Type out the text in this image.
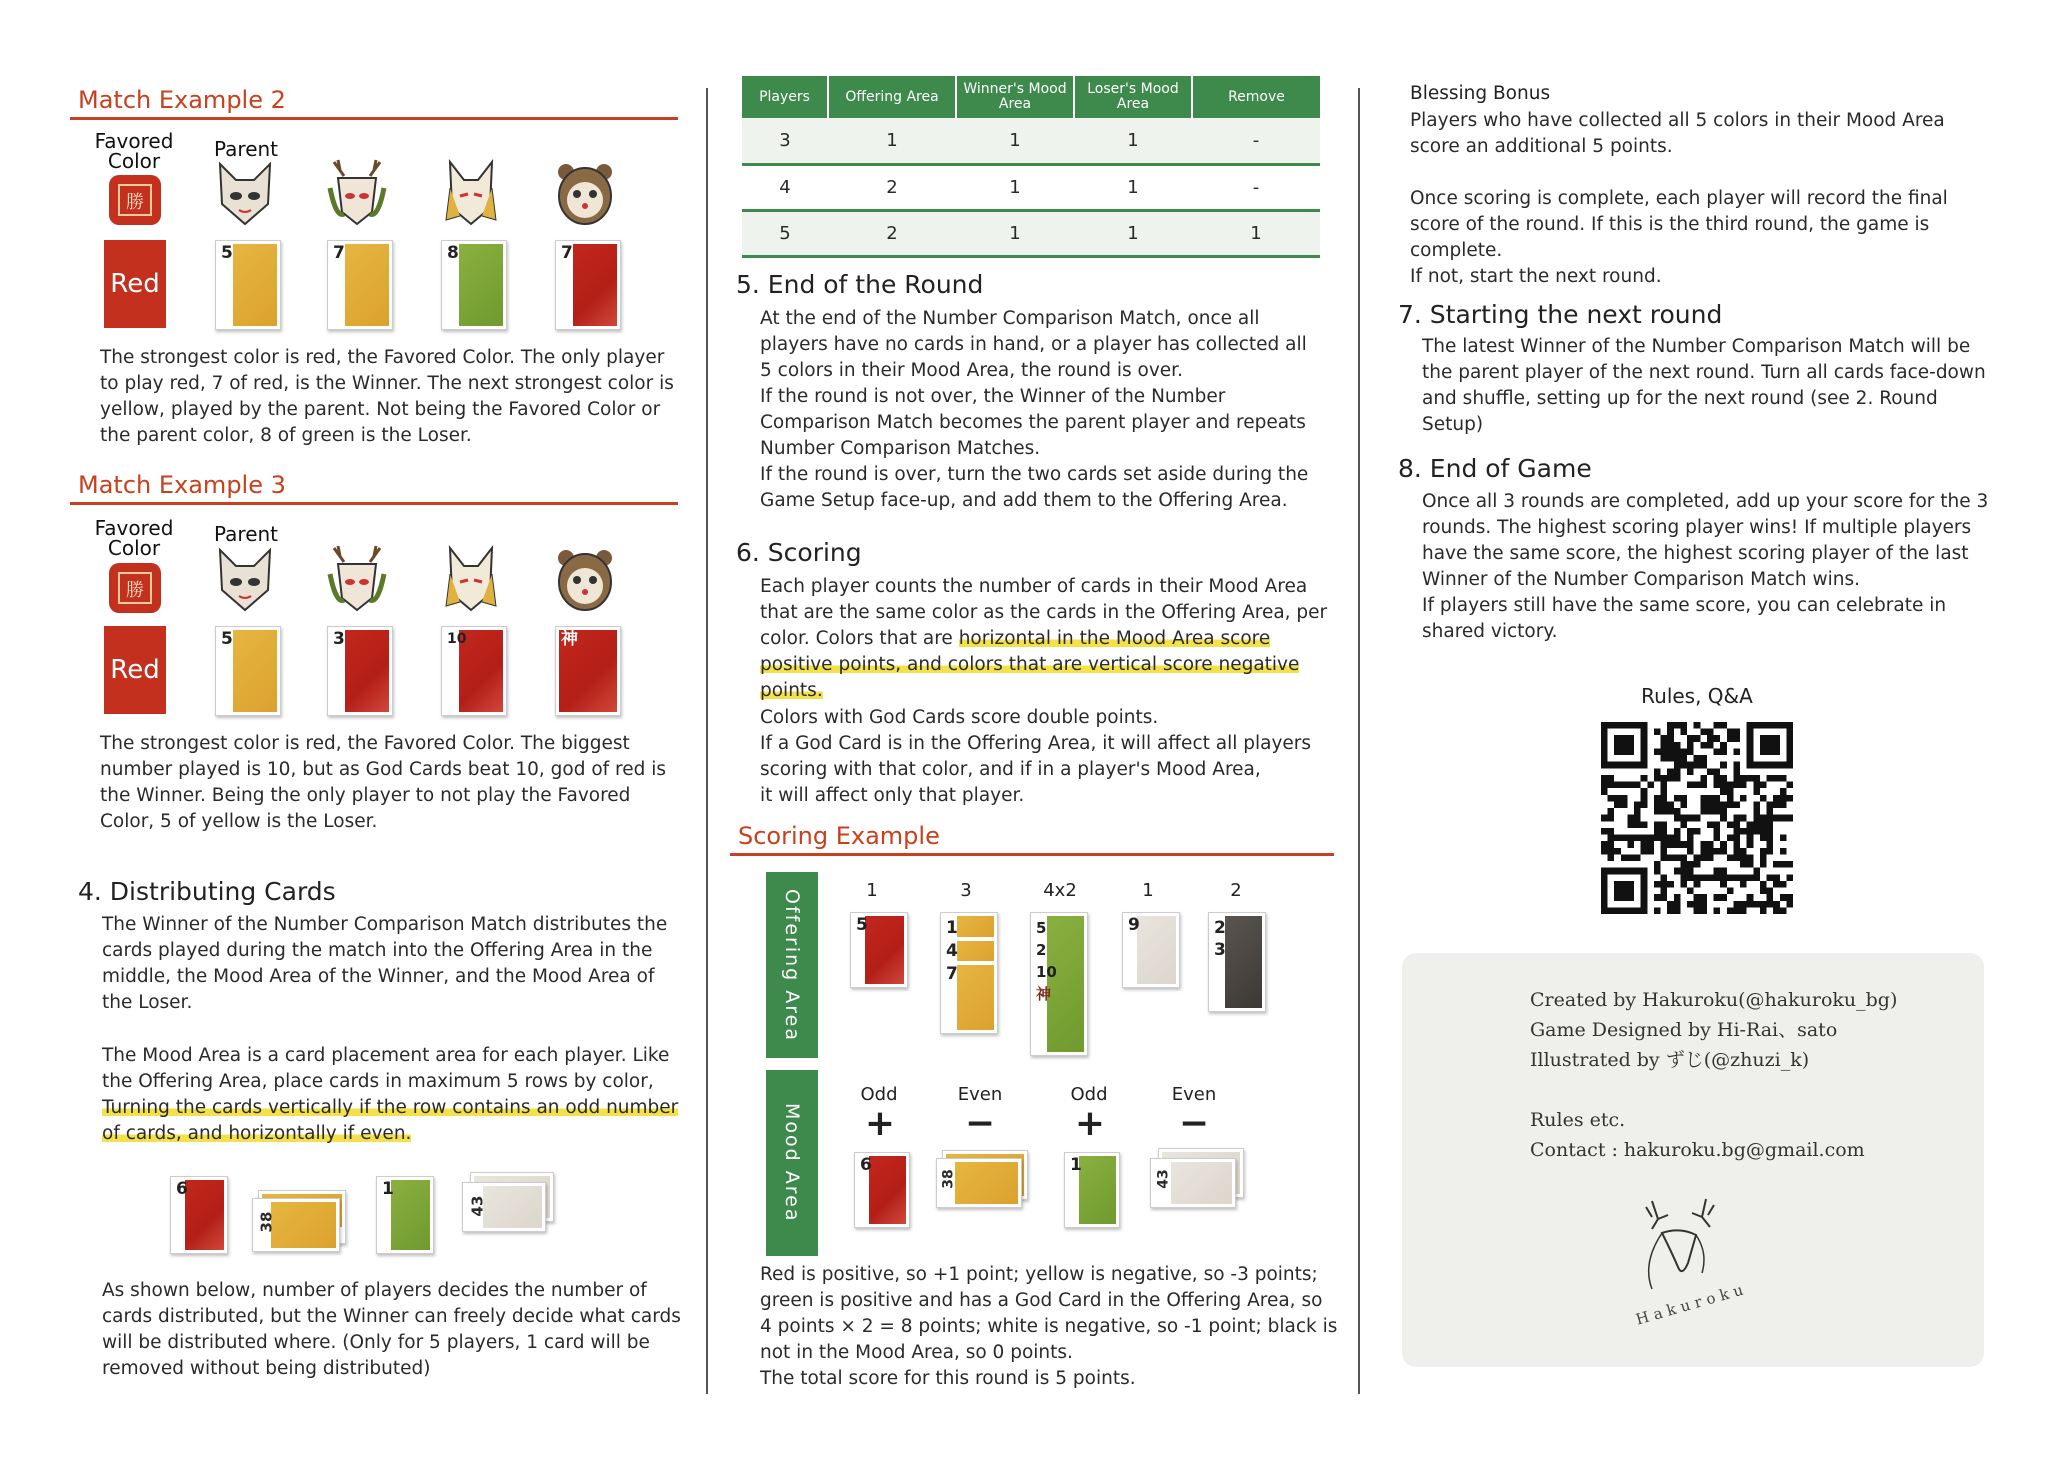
Match Example 2
Favored Color	Parent
勝
Red
5	7	8	7
The strongest color is red, the Favored Color. The only player to play red, 7 of red, is the Winner. The next strongest color is yellow, played by the parent. Not being the Favored Color or the parent color, 8 of green is the Loser.
Match Example 3
Favored Color
Parent
勝
Red
5	3	10	神
The strongest color is red, the Favored Color. The biggest number played is 10, but as God Cards beat 10, god of red is the Winner. Being the only player to not play the Favored Color, 5 of yellow is the Loser.
4. Distributing Cards
The Winner of the Number Comparison Match distributes the cards played during the match into the Offering Area in the middle, the Mood Area of the Winner, and the Mood Area of the Loser.
The Mood Area is a card placement area for each player. Like the Offering Area, place cards in maximum 5 rows by color, Turning the cards vertically if the row contains an odd number of cards, and horizontally if even.
6
38
1
43
As shown below, number of players decides the number of cards distributed, but the Winner can freely decide what cards will be distributed where. (Only for 5 players, 1 card will be removed without being distributed)
Players	Offering Area	Winner's Mood Area	Loser's Mood Area	Remove
3	1	1	1	-
4	2	1	1	-
5	2	1	1	1
5. End of the Round
At the end of the Number Comparison Match, once all players have no cards in hand, or a player has collected all 5 colors in their Mood Area, the round is over.
If the round is not over, the Winner of the Number Comparison Match becomes the parent player and repeats Number Comparison Matches.
If the round is over, turn the two cards set aside during the Game Setup face-up, and add them to the Offering Area.
6. Scoring
Each player counts the number of cards in their Mood Area that are the same color as the cards in the Offering Area, per color. Colors that are horizontal in the Mood Area score positive points, and colors that are vertical score negative points.
Colors with God Cards score double points.
If a God Card is in the Offering Area, it will affect all players scoring with that color, and if in a player's Mood Area,
it will affect only that player.
Scoring Example
Offering Area
Mood Area
1	3	4x2	1	2
5	1
4
7
5
2
10
神
9	2
3
Odd	Even	Odd	Even
+ − + −
6
38
1
43
Red is positive, so +1 point; yellow is negative, so -3 points; green is positive and has a God Card in the Offering Area, so 4 points × 2 = 8 points; white is negative, so -1 point; black is not in the Mood Area, so 0 points.
The total score for this round is 5 points.
Blessing Bonus
Players who have collected all 5 colors in their Mood Area score an additional 5 points.
Once scoring is complete, each player will record the final score of the round. If this is the third round, the game is complete.
If not, start the next round.
7. Starting the next round
The latest Winner of the Number Comparison Match will be the parent player of the next round. Turn all cards face-down and shuffle, setting up for the next round (see 2. Round Setup)
8. End of Game
Once all 3 rounds are completed, add up your score for the 3 rounds. The highest scoring player wins! If multiple players have the same score, the highest scoring player of the last Winner of the Number Comparison Match wins.
If players still have the same score, you can celebrate in shared victory.
Rules, Q&A
Created by Hakuroku(@hakuroku_bg)
Game Designed by Hi-Rai、sato
Illustrated by ずじ(@zhuzi_k)
Rules etc.
Contact : hakuroku.bg@gmail.com
Hakuroku
